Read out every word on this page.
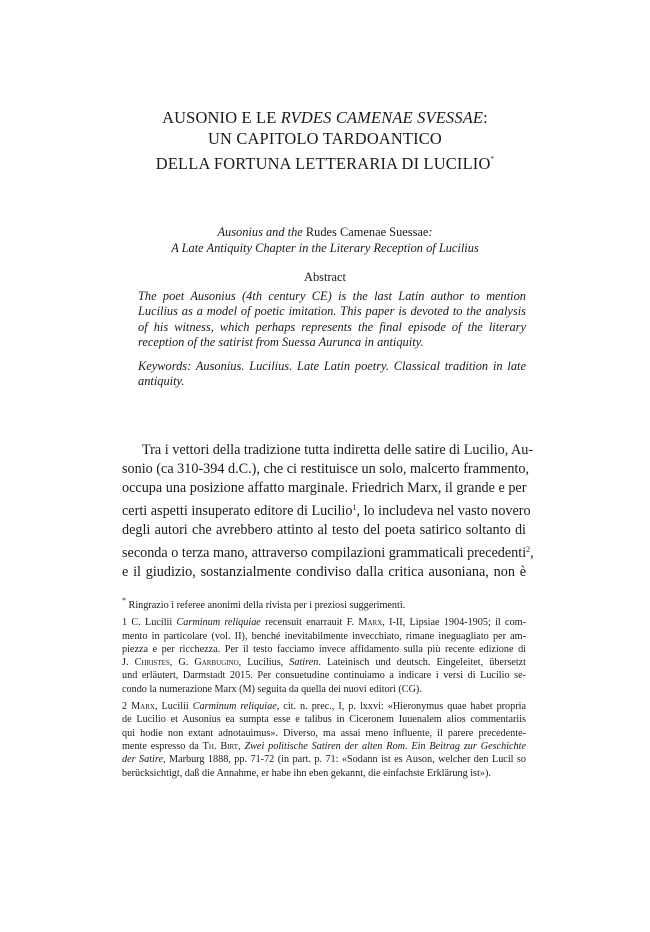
AUSONIO E LE RVDES CAMENAE SVESSAE:
UN CAPITOLO TARDOANTICO
DELLA FORTUNA LETTERARIA DI LUCILIO*
Ausonius and the Rudes Camenae Suessae:
A Late Antiquity Chapter in the Literary Reception of Lucilius
Abstract
The poet Ausonius (4th century CE) is the last Latin author to mention
Lucilius as a model of poetic imitation. This paper is devoted to the analysis
of his witness, which perhaps represents the final episode of the literary
reception of the satirist from Suessa Aurunca in antiquity.
Keywords: Ausonius. Lucilius. Late Latin poetry. Classical tradition in late
antiquity.
Tra i vettori della tradizione tutta indiretta delle satire di Lucilio, Au-
sonio (ca 310-394 d.C.), che ci restituisce un solo, malcerto frammento,
occupa una posizione affatto marginale. Friedrich Marx, il grande e per
certi aspetti insuperato editore di Lucilio$^1$, lo includeva nel vasto novero
degli autori che avrebbero attinto al testo del poeta satirico soltanto di
seconda o terza mano, attraverso compilazioni grammaticali precedenti$^2$,
e il giudizio, sostanzialmente condiviso dalla critica ausoniana, non è
* Ringrazio i referee anonimi della rivista per i preziosi suggerimenti.
1 C. Lucilii Carminum reliquiae recensuit enarrauit F. Marx, I-II, Lipsiae 1904-1905; il com-
mento in particolare (vol. II), benché inevitabilmente invecchiato, rimane ineguagliato per am-
piezza e per ricchezza. Per il testo facciamo invece affidamento sulla più recente edizione di
J. Christes, G. Garbugino, Lucilius, Satiren. Lateinisch und deutsch. Eingeleitet, übersetzt
und erläutert, Darmstadt 2015. Per consuetudine continuiamo a indicare i versi di Lucilio se-
condo la numerazione Marx (M) seguita da quella dei nuovi editori (CG).
2 Marx, Lucilii Carminum reliquiae, cit. n. prec., I, p. lxxvi: «Hieronymus quae habet propria
de Lucilio et Ausonius ea sumpta esse e talibus in Ciceronem Iuuenalem alios commentariis
qui hodie non extant adnotauimus». Diverso, ma assai meno influente, il parere precedente-
mente espresso da Th. Birt, Zwei politische Satiren der alten Rom. Ein Beitrag zur Geschichte
der Satire, Marburg 1888, pp. 71-72 (in part. p. 71: «Sodann ist es Auson, welcher den Lucil so
berücksichtigt, daß die Annahme, er habe ihn eben gekannt, die einfachste Erklärung ist»).
